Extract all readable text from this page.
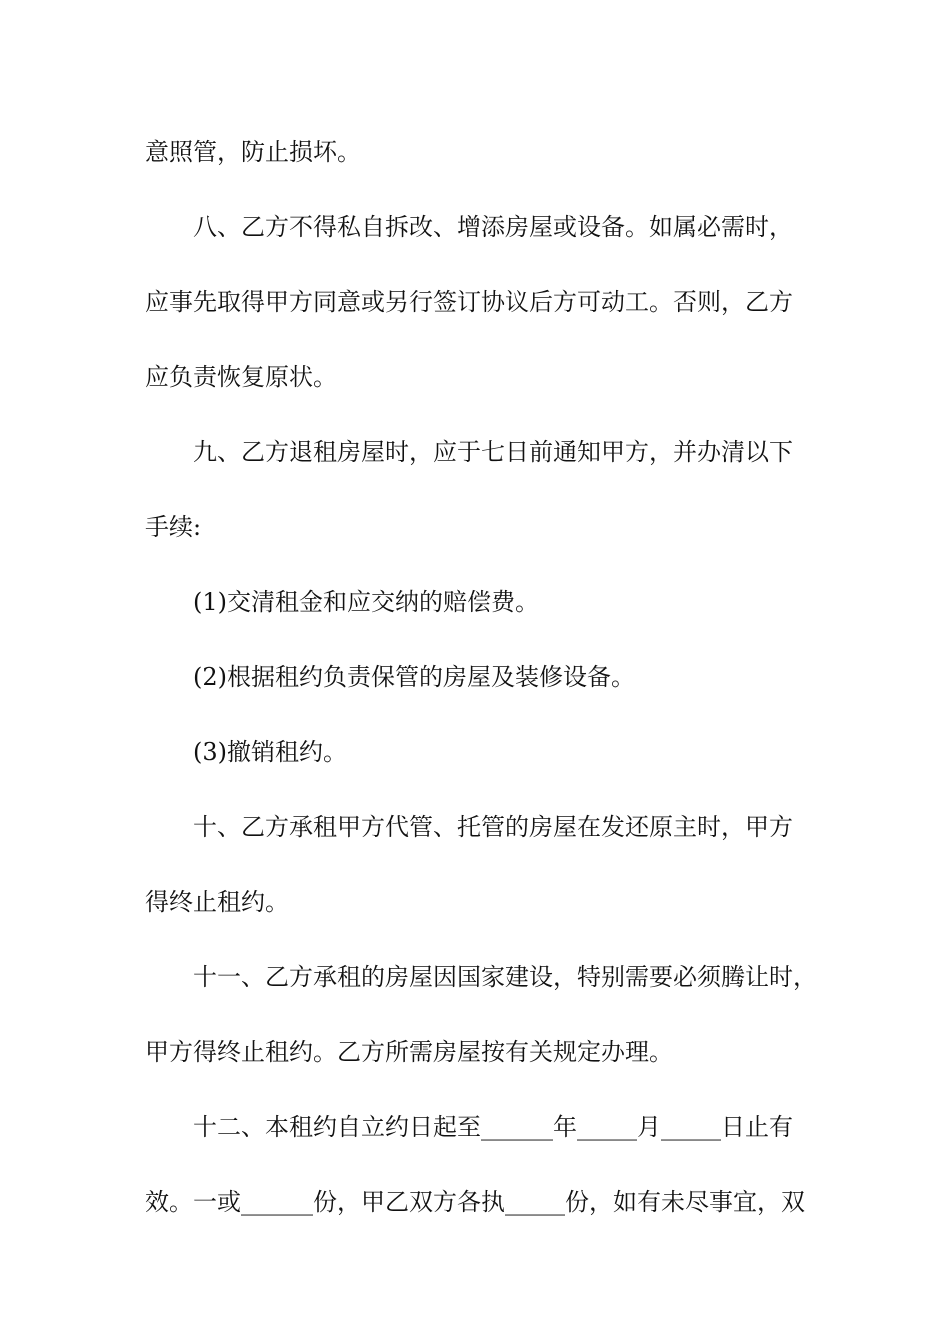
意照管，防止损坏。
八、乙方不得私自拆改、增添房屋或设备。如属必需时，
应事先取得甲方同意或另行签订协议后方可动工。否则，乙方
应负责恢复原状。
九、乙方退租房屋时，应于七日前通知甲方，并办清以下
手续:
(1)交清租金和应交纳的赔偿费。
(2)根据租约负责保管的房屋及装修设备。
(3)撤销租约。
十、乙方承租甲方代管、托管的房屋在发还原主时，甲方
得终止租约。
十一、乙方承租的房屋因国家建设，特别需要必须腾让时，
甲方得终止租约。乙方所需房屋按有关规定办理。
十二、本租约自立约日起至______年_____月_____日止有
效。一或______份，甲乙双方各执_____份，如有未尽事宜，双
